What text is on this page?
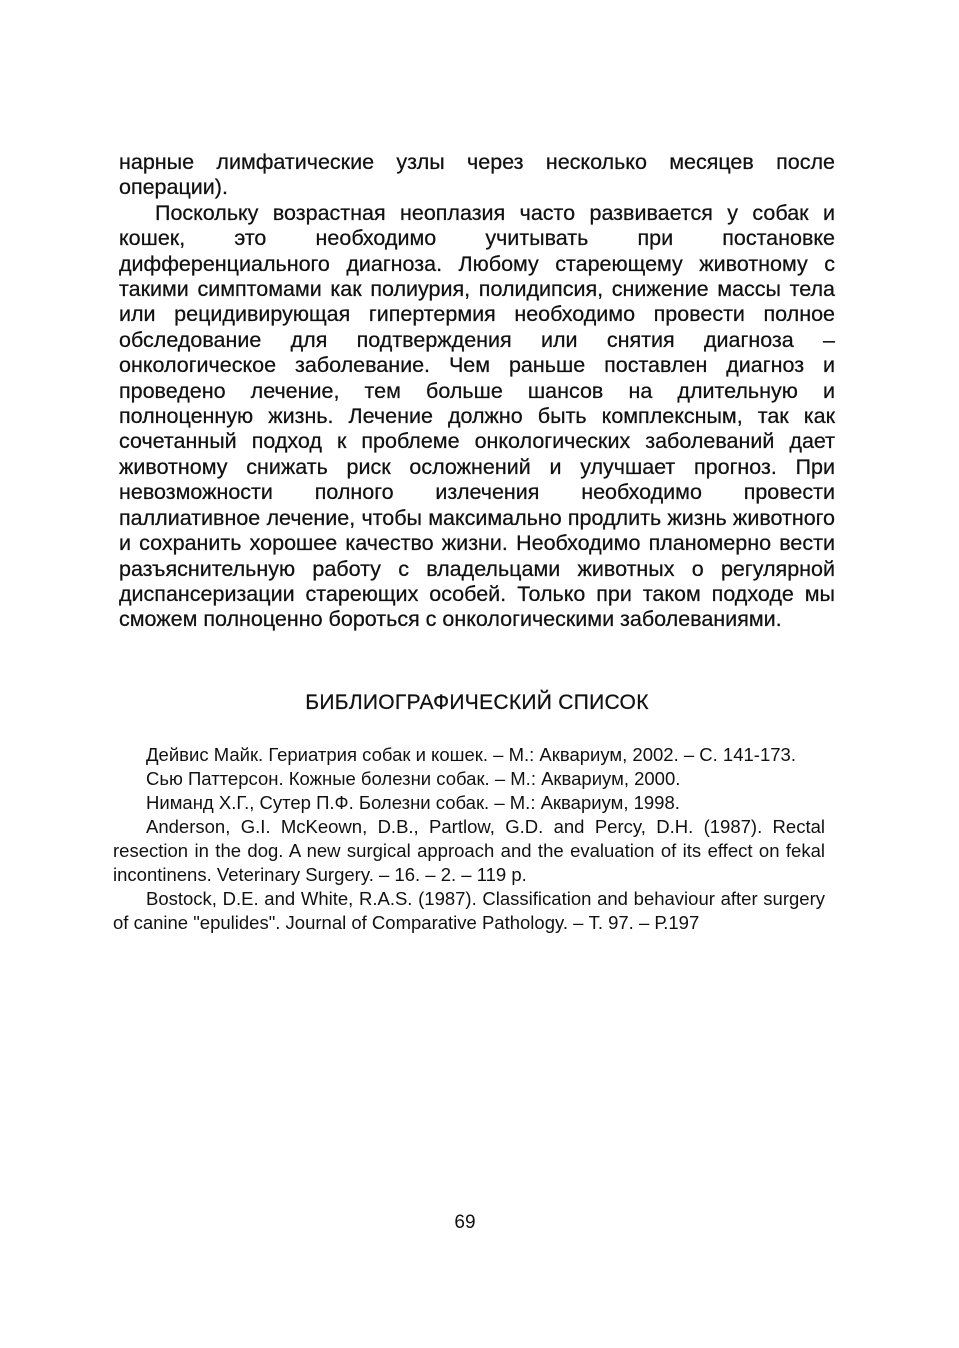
нарные лимфатические узлы через несколько месяцев после операции).

Поскольку возрастная неоплазия часто развивается у собак и кошек, это необходимо учитывать при постановке дифференциального диагноза. Любому стареющему животному с такими симптомами как полиурия, полидипсия, снижение массы тела или рецидивирующая гипертермия необходимо провести полное обследование для подтверждения или снятия диагноза – онкологическое заболевание. Чем раньше поставлен диагноз и проведено лечение, тем больше шансов на длительную и полноценную жизнь. Лечение должно быть комплексным, так как сочетанный подход к проблеме онкологических заболеваний дает животному снижать риск осложнений и улучшает прогноз. При невозможности полного излечения необходимо провести паллиативное лечение, чтобы максимально продлить жизнь животного и сохранить хорошее качество жизни. Необходимо планомерно вести разъяснительную работу с владельцами животных о регулярной диспансеризации стареющих особей. Только при таком подходе мы сможем полноценно бороться с онкологическими заболеваниями.

БИБЛИОГРАФИЧЕСКИЙ СПИСОК

Дейвис Майк. Гериатрия собак и кошек. – М.: Аквариум, 2002. – С. 141-173.

Сью Паттерсон. Кожные болезни собак. – М.: Аквариум, 2000.

Ниманд Х.Г., Сутер П.Ф. Болезни собак. – М.: Аквариум, 1998.

Anderson, G.I. McKeown, D.B., Partlow, G.D. and Percy, D.H. (1987). Rectal resection in the dog. A new surgical approach and the evaluation of its effect on fekal incontinens. Veterinary Surgery. – 16. – 2. – 119 p.

Bostock, D.E. and White, R.A.S. (1987). Classification and behaviour after surgery of canine "epulides". Journal of Comparative Pathology. – Т. 97. – Р.197

69
